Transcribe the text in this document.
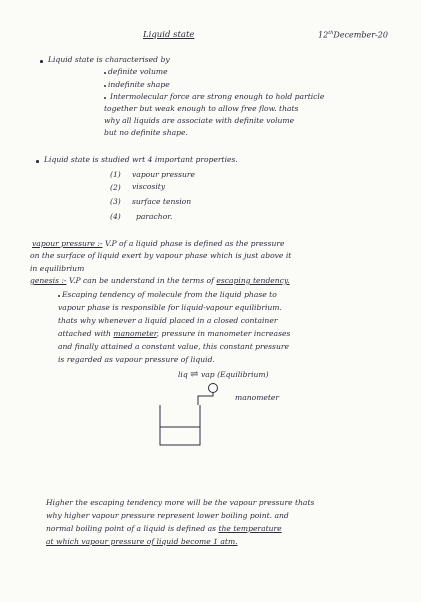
Liquid state	12thDecember-20
Liquid state is characterised by
definite volume
indefinite shape
Intermolecular force are strong enough to hold particle
together but weak enough to allow free flow. thats
why all liquids are associate with definite volume
but no definite shape.
Liquid state is studied wrt 4 important properties.
(1) vapour pressure
(2) viscosity
(3) surface tension
(4) parachor.
vapour pressure :- V.P of a liquid phase is defined as the pressure
on the surface of liquid exert by vapour phase which is just above it
in equilibrium
genesis :- V.P can be understand in the terms of escaping tendency.
Escaping tendency of molecule from the liquid phase to
vapour phase is responsible for liquid-vapour equilibrium.
thats why whenever a liquid placed in a closed container
attached with manometer, pressure in manometer increases
and finally attained a constant value, this constant pressure
is regarded as vapour pressure of liquid.
liq ⇌ vap (Equilibrium)
manometer
Higher the escaping tendency more will be the vapour pressure thats
why higher vapour pressure represent lower boiling point. and
normal boiling point of a liquid is defined as the temperature
at which vapour pressure of liquid become 1 atm.
